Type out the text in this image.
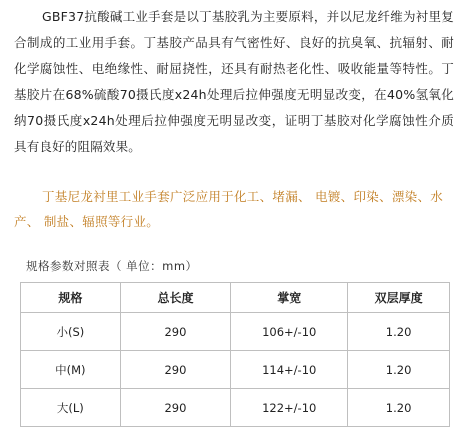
GBF37抗酸碱工业手套是以丁基胶乳为主要原料，并以尼龙纤维为衬里复合制成的工业用手套。丁基胶产品具有气密性好、良好的抗臭氧、抗辐射、耐化学腐蚀性、电绝缘性、耐屈挠性，还具有耐热老化性、吸收能量等特性。丁基胶片在68%硫酸70摄氏度x24h处理后拉伸强度无明显改变，在40%氢氧化纳70摄氏度x24h处理后拉伸强度无明显改变，证明丁基胶对化学腐蚀性介质具有良好的阻隔效果。

丁基尼龙衬里工业手套广泛应用于化工、堵漏、 电镀、印染、漂染、水产、 制盐、辐照等行业。

规格参数对照表（ 单位：mm）
规格	总长度	掌宽	双层厚度
小(S)	290	106+/-10	1.20
中(M)	290	114+/-10	1.20
大(L)	290	122+/-10	1.20
